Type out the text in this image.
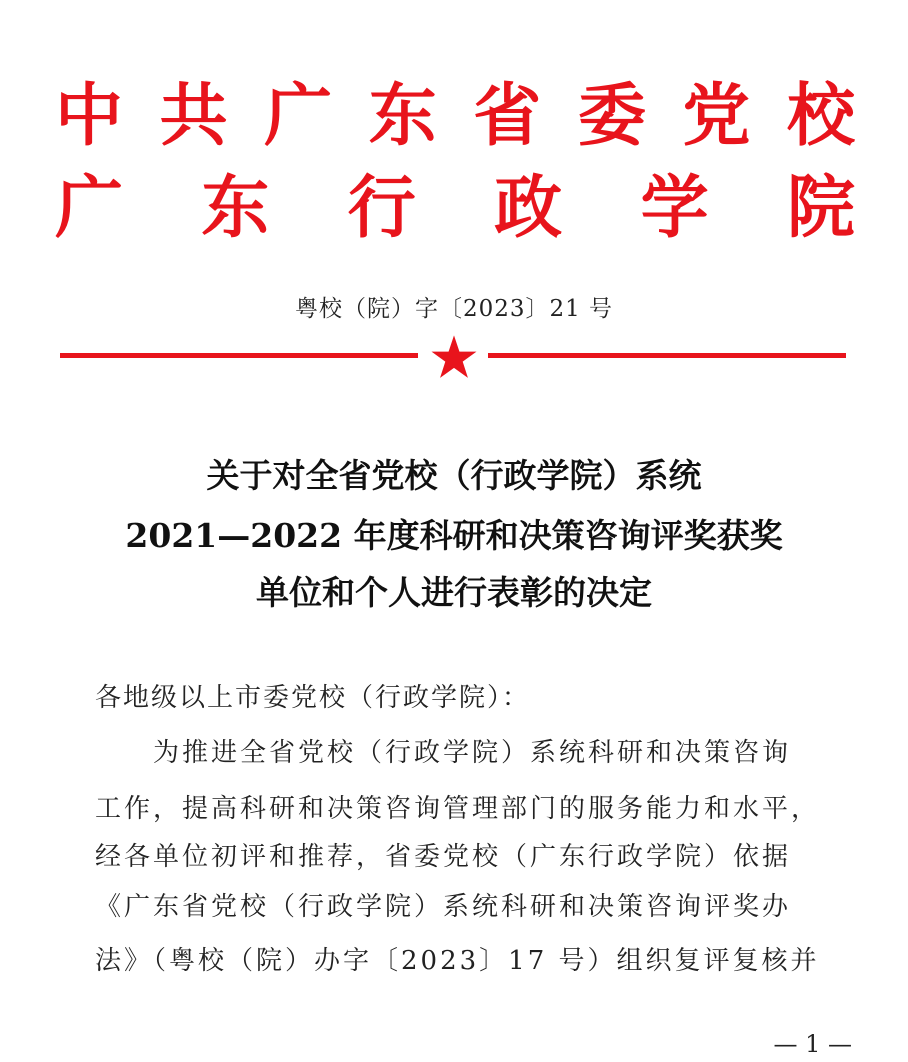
中 共 广 东 省 委 党 校
广 东 行 政 学 院
粤校（院）字〔2023〕21 号
关于对全省党校（行政学院）系统
2021—2022 年度科研和决策咨询评奖获奖
单位和个人进行表彰的决定
各地级以上市委党校（行政学院）：
为推进全省党校（行政学院）系统科研和决策咨询
工作，提高科研和决策咨询管理部门的服务能力和水平，
经各单位初评和推荐，省委党校（广东行政学院）依据
《广东省党校（行政学院）系统科研和决策咨询评奖办
法》（粤校（院）办字〔2023〕17 号）组织复评复核并
— 1 —
